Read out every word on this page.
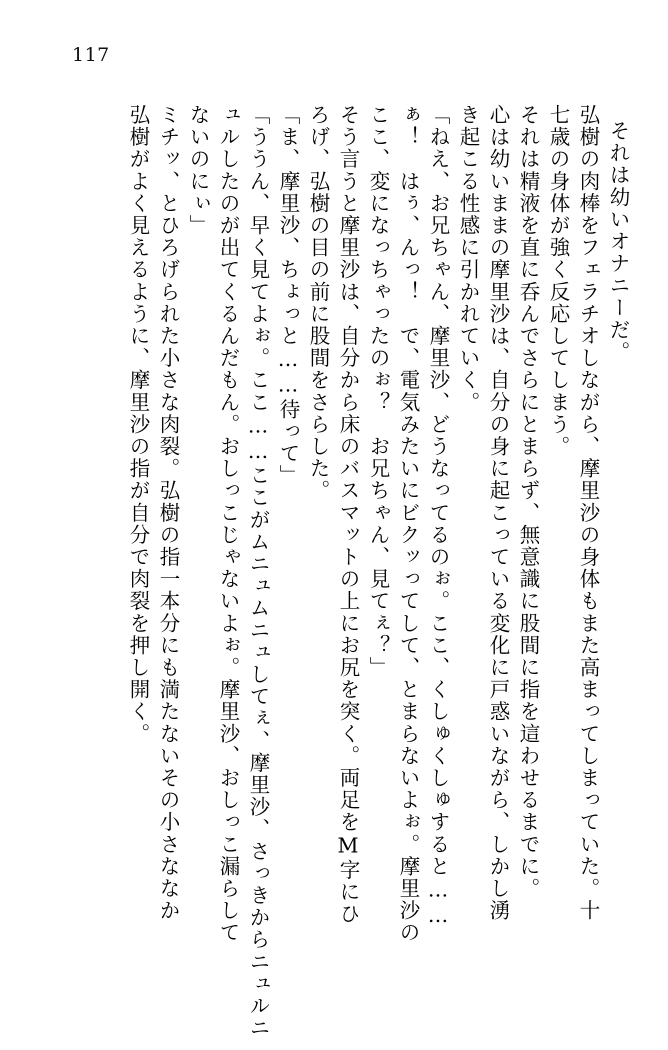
117
それは幼いオナニーだ。
弘樹の肉棒をフェラチオしながら、摩里沙の身体もまた高まってしまっていた。十
七歳の身体が強く反応してしまう。
それは精液を直に呑んでさらにとまらず、無意識に股間に指を這わせるまでに。
心は幼いままの摩里沙は、自分の身に起こっている変化に戸惑いながら、しかし湧
き起こる性感に引かれていく。
「ねえ、お兄ちゃん、摩里沙、どうなってるのぉ。ここ、くしゅくしゅすると……
ぁ！　はぅ、んっ！　で、電気みたいにビクッってして、とまらないよぉ。摩里沙の
ここ、変になっちゃったのぉ？　お兄ちゃん、見てぇ？」
そう言うと摩里沙は、自分から床のバスマットの上にお尻を突く。両足をM字にひ
ろげ、弘樹の目の前に股間をさらした。
「ま、摩里沙、ちょっと……待って」
「ううん、早く見てよぉ。ここ……ここがムニュムニュしてぇ、摩里沙、さっきからニュルニ
ュルしたのが出てくるんだもん。おしっこじゃないよぉ。摩里沙、おしっこ漏らして
ないのにぃ」
ミチッ、とひろげられた小さな肉裂。弘樹の指一本分にも満たないその小さななか
弘樹がよく見えるように、摩里沙の指が自分で肉裂を押し開く。
